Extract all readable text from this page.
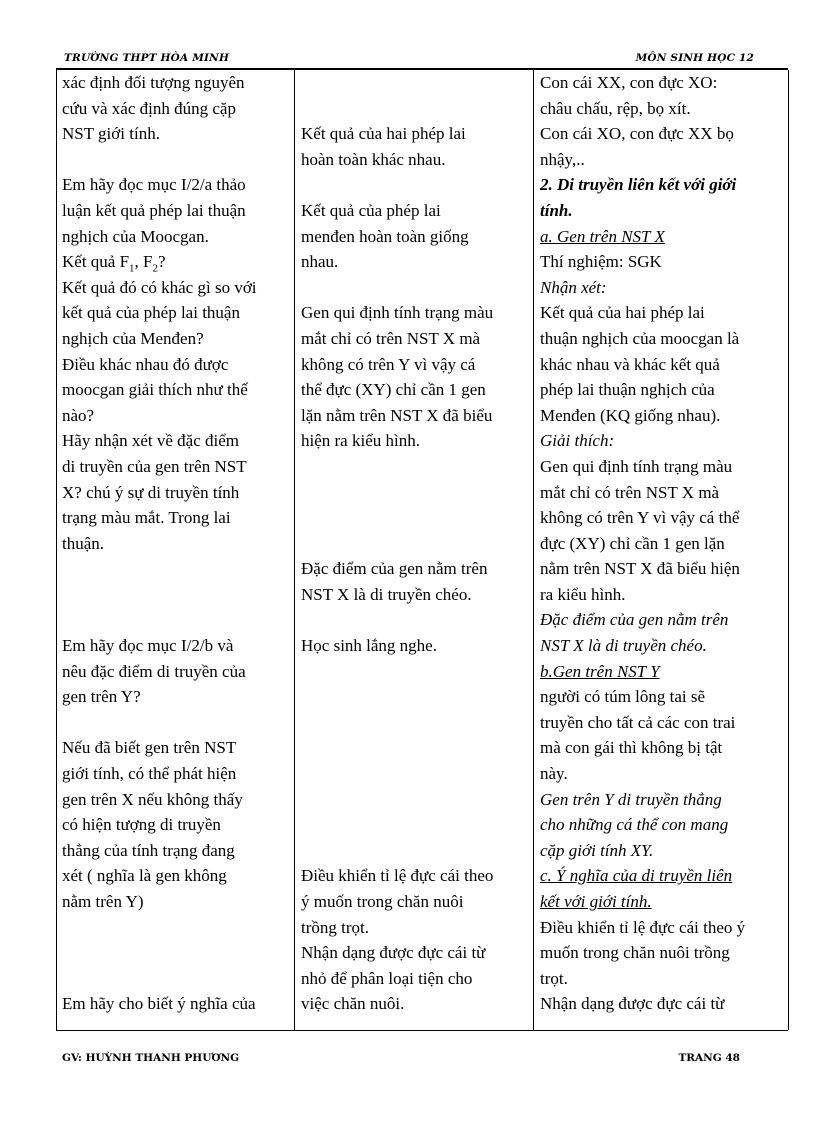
TRƯỜNG THPT HÒA MINH	MÔN SINH HỌC 12
xác định đối tượng nguyên
cứu và xác định đúng cặp
NST giới tính.
Em hãy đọc mục I/2/a thảo
luận kết quả phép lai thuận
nghịch của Moocgan.
Kết quả $F_1$, $F_2$?
Kết quả đó có khác gì so với
kết quả của phép lai thuận
nghịch của Menđen?
Điều khác nhau đó được
moocgan giải thích như thế
nào?
Hãy nhận xét về đặc điểm
di truyền của gen trên NST
X? chú ý sự di truyền tính
trạng màu mắt. Trong lai
thuận.
Em hãy đọc mục I/2/b và
nêu đặc điểm di truyền của
gen trên Y?
Nếu đã biết gen trên NST
giới tính, có thể phát hiện
gen trên X nếu không thấy
có hiện tượng di truyền
thẳng của tính trạng đang
xét ( nghĩa là gen không
nằm trên Y)
Em hãy cho biết ý nghĩa của
Kết quả của hai phép lai
hoàn toàn khác nhau.
Kết quả của phép lai
menđen hoàn toàn giống
nhau.
Gen qui định tính trạng màu
mắt chỉ có trên NST X mà
không có trên Y vì vậy cá
thể đực (XY) chỉ cần 1 gen
lặn nằm trên NST X đã biểu
hiện ra kiểu hình.
Đặc điểm của gen nằm trên
NST X là di truyền chéo.
Học sinh lắng nghe.
Điều khiển tỉ lệ đực cái theo
ý muốn trong chăn nuôi
trồng trọt.
Nhận dạng được đực cái từ
nhỏ để phân loại tiện cho
việc chăn nuôi.
Con cái XX, con đực XO:
châu chấu, rệp, bọ xít.
Con cái XO, con đực XX bọ
nhậy,..
2. Di truyền liên kết với giới
tính.
a. Gen trên NST X
Thí nghiệm: SGK
Nhận xét:
Kết quả của hai phép lai
thuận nghịch của moocgan là
khác nhau và khác kết quả
phép lai thuận nghịch của
Menđen (KQ giống nhau).
Giải thích:
Gen qui định tính trạng màu
mắt chỉ có trên NST X mà
không có trên Y vì vậy cá thể
đực (XY) chỉ cần 1 gen lặn
nằm trên NST X đã biểu hiện
ra kiểu hình.
Đặc điểm của gen nằm trên
NST X là di truyền chéo.
b.Gen trên NST Y
người có túm lông tai sẽ
truyền cho tất cả các con trai
mà con gái thì không bị tật
này.
Gen trên Y di truyền thẳng
cho những cá thể con mang
cặp giới tính XY.
c. Ý nghĩa của di truyền liên
kết với giới tính.
Điều khiển tỉ lệ đực cái theo ý
muốn trong chăn nuôi trồng
trọt.
Nhận dạng được đực cái từ
GV: HUỲNH THANH PHƯƠNG	TRANG 48
